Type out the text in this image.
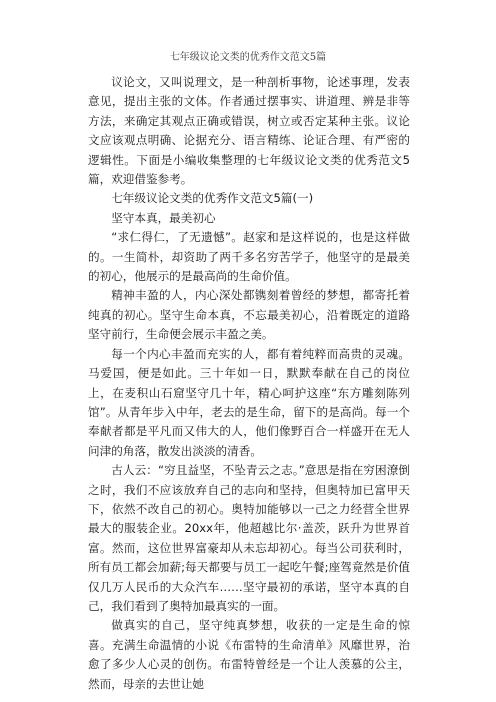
七年级议论文类的优秀作文范文5篇

议论文，又叫说理文，是一种剖析事物，论述事理，发表意见，提出主张的文体。作者通过摆事实、讲道理、辨是非等方法，来确定其观点正确或错误，树立或否定某种主张。议论文应该观点明确、论据充分、语言精练、论证合理、有严密的逻辑性。下面是小编收集整理的七年级议论文类的优秀范文5篇，欢迎借鉴参考。

七年级议论文类的优秀作文范文5篇(一)

坚守本真，最美初心

“求仁得仁，了无遗憾”。赵家和是这样说的，也是这样做的。一生简朴，却资助了两千多名穷苦学子，他坚守的是最美的初心，他展示的是最高尚的生命价值。

精神丰盈的人，内心深处都镌刻着曾经的梦想，都寄托着纯真的初心。坚守生命本真，不忘最美初心，沿着既定的道路坚守前行，生命便会展示丰盈之美。

每一个内心丰盈而充实的人，都有着纯粹而高贵的灵魂。马爱国，便是如此。三十年如一日，默默奉献在自己的岗位上，在麦积山石窟坚守几十年，精心呵护这座“东方雕刻陈列馆”。从青年步入中年，老去的是生命，留下的是高尚。每一个奉献者都是平凡而又伟大的人，他们像野百合一样盛开在无人问津的角落，散发出淡淡的清香。

古人云：“穷且益坚，不坠青云之志。”意思是指在穷困潦倒之时，我们不应该放弃自己的志向和坚持，但奥特加已富甲天下，依然不改自己的初心。奥特加能够以一己之力经营全世界最大的服装企业。20xx年，他超越比尔·盖茨，跃升为世界首富。然而，这位世界富豪却从未忘却初心。每当公司获利时，所有员工都会加薪;每天都要与员工一起吃午餐;座驾竟然是价值仅几万人民币的大众汽车……坚守最初的承诺，坚守本真的自己，我们看到了奥特加最真实的一面。

做真实的自己，坚守纯真梦想，收获的一定是生命的惊喜。充满生命温情的小说《布雷特的生命清单》风靡世界，治愈了多少人心灵的创伤。布雷特曾经是一个让人羡慕的公主，然而，母亲的去世让她
